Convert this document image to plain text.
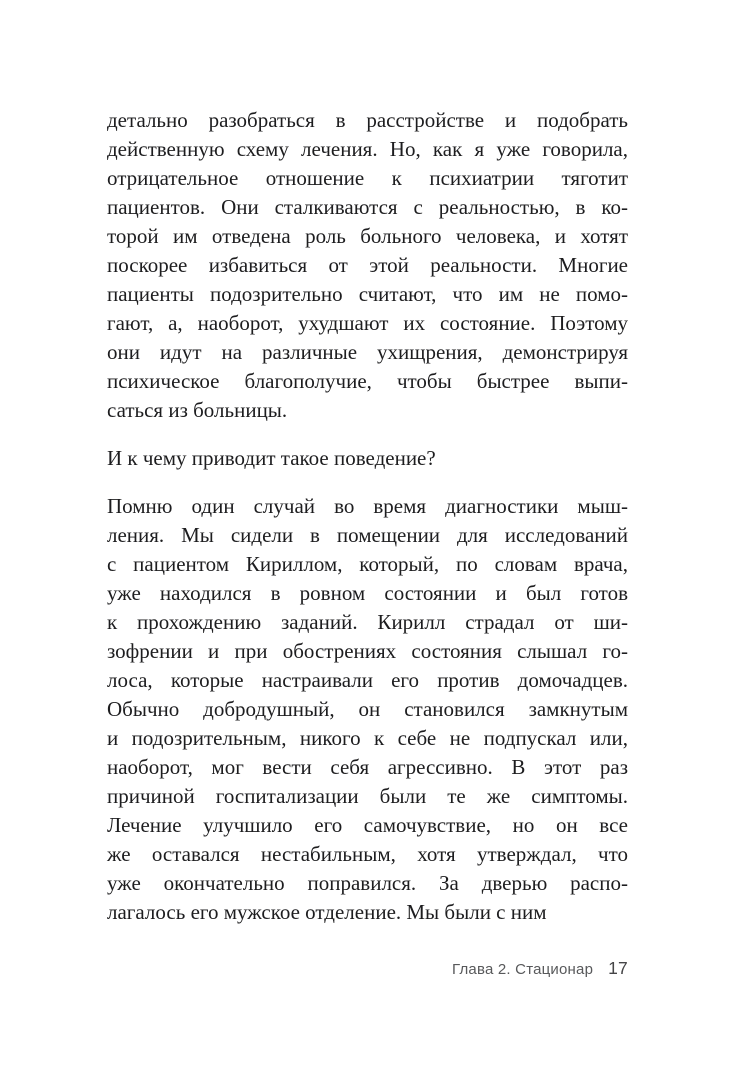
детально разобраться в расстройстве и подобрать
действенную схему лечения. Но, как я уже говорила,
отрицательное отношение к психиатрии тяготит
пациентов. Они сталкиваются с реальностью, в ко-
торой им отведена роль больного человека, и хотят
поскорее избавиться от этой реальности. Многие
пациенты подозрительно считают, что им не помо-
гают, а, наоборот, ухудшают их состояние. Поэтому
они идут на различные ухищрения, демонстрируя
психическое благополучие, чтобы быстрее выпи-
саться из больницы.
И к чему приводит такое поведение?
Помню один случай во время диагностики мыш-
ления. Мы сидели в помещении для исследований
с пациентом Кириллом, который, по словам врача,
уже находился в ровном состоянии и был готов
к прохождению заданий. Кирилл страдал от ши-
зофрении и при обострениях состояния слышал го-
лоса, которые настраивали его против домочадцев.
Обычно добродушный, он становился замкнутым
и подозрительным, никого к себе не подпускал или,
наоборот, мог вести себя агрессивно. В этот раз
причиной госпитализации были те же симптомы.
Лечение улучшило его самочувствие, но он все
же оставался нестабильным, хотя утверждал, что
уже окончательно поправился. За дверью распо-
лагалось его мужское отделение. Мы были с ним
Глава 2. Стационар 17
